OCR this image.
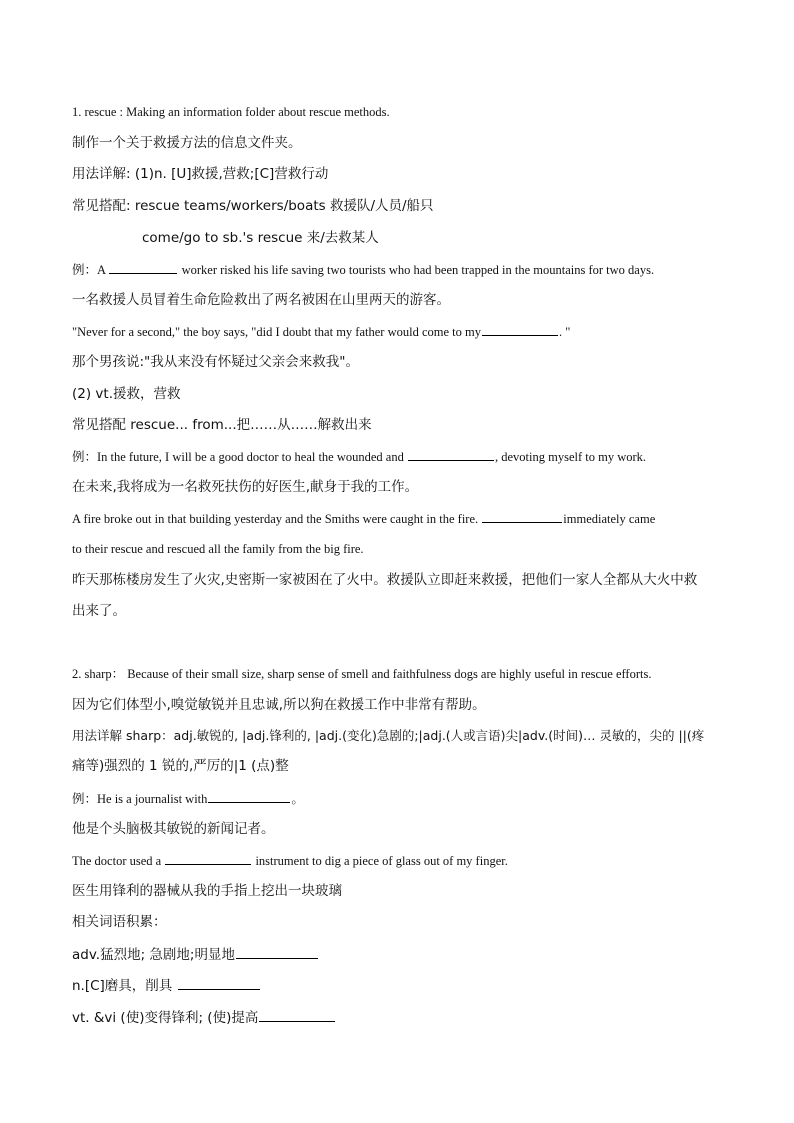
1. rescue : Making an information folder about rescue methods.
制作一个关于救援方法的信息文件夹。
用法详解: (1)n. [U]救援,营救;[C]营救行动
常见搭配: rescue teams/workers/boats 救援队/人员/船只
come/go to sb.'s rescue 来/去救某人
例：A	worker risked his life saving two tourists who had been trapped in the mountains for two days.
一名救援人员冒着生命危险救出了两名被困在山里两天的游客。
"Never for a second," the boy says, "did I doubt that my father would come to my	. "
那个男孩说:"我从来没有怀疑过父亲会来救我"。
(2) vt.援救，营救
常见搭配 rescue... from...把……从……解救出来
例：In the future, I will be a good doctor to heal the wounded and	, devoting myself to my work.
在未来,我将成为一名救死扶伤的好医生,献身于我的工作。
A fire broke out in that building yesterday and the Smiths were caught in the fire.	immediately came
to their rescue and rescued all the family from the big fire.
昨天那栋楼房发生了火灾,史密斯一家被困在了火中。救援队立即赶来救援，把他们一家人全都从大火中救
出来了。
2. sharp： Because of their small size, sharp sense of smell and faithfulness dogs are highly useful in rescue efforts.
因为它们体型小,嗅觉敏锐并且忠诚,所以狗在救援工作中非常有帮助。
用法详解 sharp：adj.敏锐的, |adj.锋利的, |adj.(变化)急剧的;|adj.(人或言语)尖|adv.(时间)… 灵敏的，尖的 ||(疼
痛等)强烈的 1 锐的,严厉的|1 (点)整
例：He is a journalist with	。
他是个头脑极其敏锐的新闻记者。
The doctor used a	instrument to dig a piece of glass out of my finger.
医生用锋利的器械从我的手指上挖出一块玻璃
相关词语积累：
adv.猛烈地; 急剧地;明显地
n.[C]磨具，削具
vt. &vi (使)变得锋利; (使)提高
